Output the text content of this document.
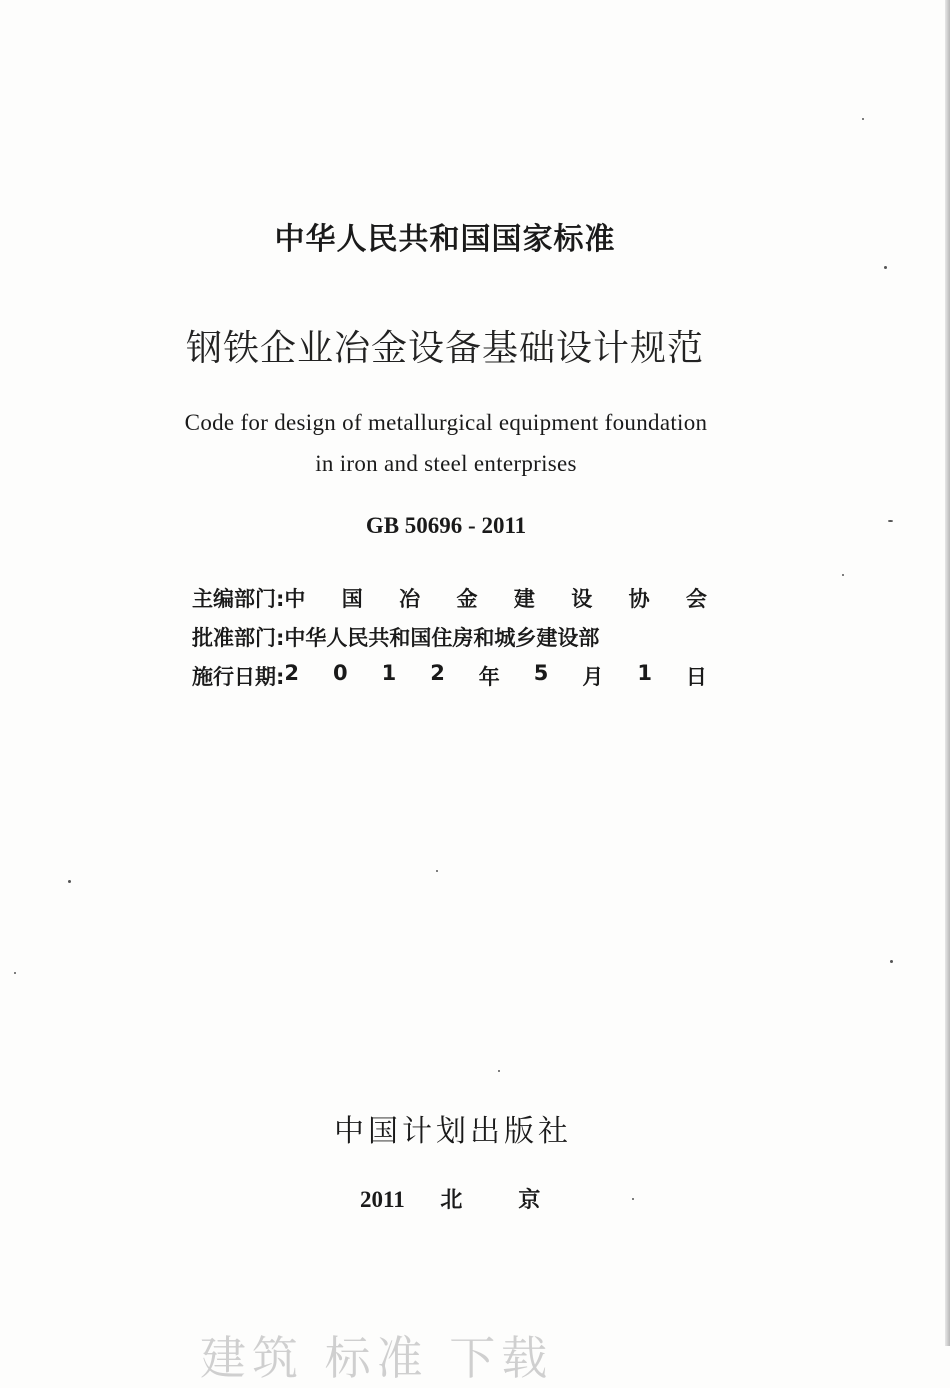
中华人民共和国国家标准
钢铁企业冶金设备基础设计规范
Code for design of metallurgical equipment foundation
in iron and steel enterprises
GB 50696 - 2011
主编部门: 中 国 冶 金 建 设 协 会
批准部门: 中华人民共和国住房和城乡建设部
施行日期: 2 0 1 2 年 5 月 1 日
中国计划出版社
2011 北京
建筑 标准 下载
